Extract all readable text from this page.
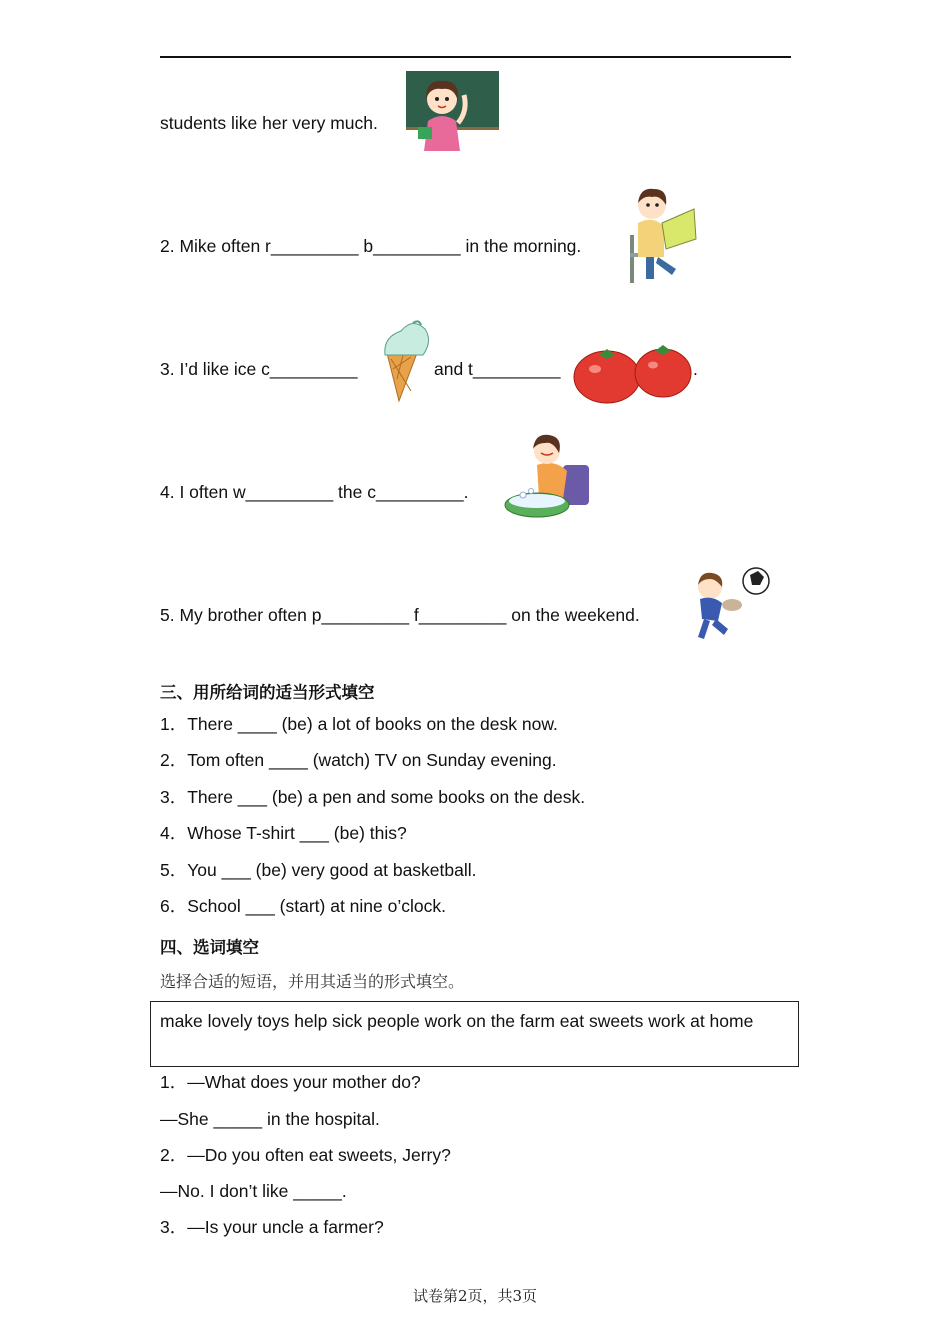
students like her very much.
2. Mike often r_________ b_________ in the morning.
3. I’d like ice c_________	and t_________	.
4. I often w_________ the c_________.
5. My brother often p_________ f_________ on the weekend.
三、用所给词的适当形式填空
1．There ____ (be) a lot of books on the desk now.
2．Tom often ____ (watch) TV on Sunday evening.
3．There ___ (be) a pen and some books on the desk.
4．Whose T-shirt ___ (be) this?
5．You ___ (be) very good at basketball.
6．School ___ (start) at nine o’clock.
四、选词填空
选择合适的短语，并用其适当的形式填空。
make lovely toys help sick people work on the farm eat sweets work at home
1．—What does your mother do?
—She _____ in the hospital.
2．—Do you often eat sweets, Jerry?
—No. I don’t like _____.
3．—Is your uncle a farmer?
试卷第2页，共3页
